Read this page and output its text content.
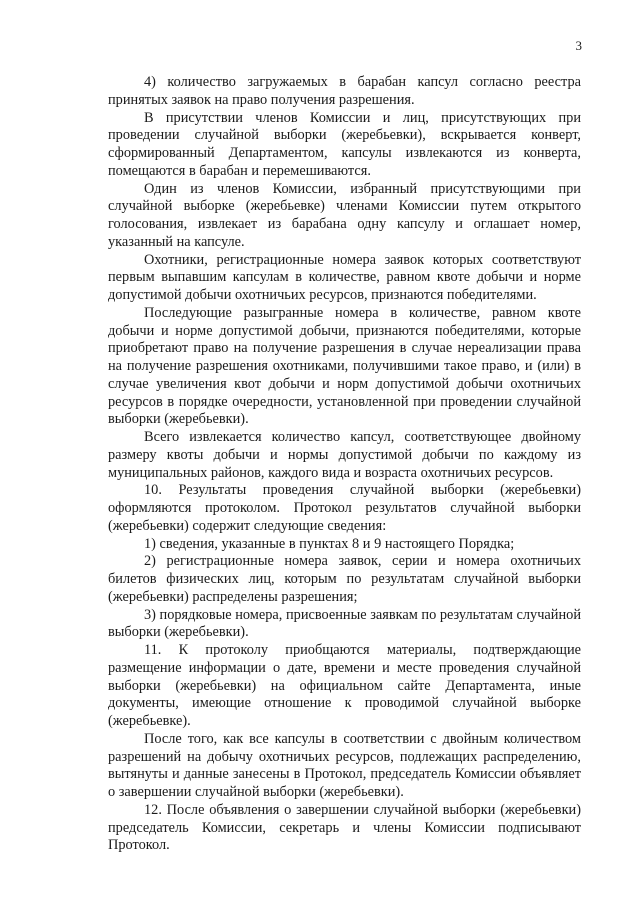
3

4) количество загружаемых в барабан капсул согласно реестра принятых заявок на право получения разрешения.

В присутствии членов Комиссии и лиц, присутствующих при проведении случайной выборки (жеребьевки), вскрывается конверт, сформированный Департаментом, капсулы извлекаются из конверта, помещаются в барабан и перемешиваются.

Один из членов Комиссии, избранный присутствующими при случайной выборке (жеребьевке) членами Комиссии путем открытого голосования, извлекает из барабана одну капсулу и оглашает номер, указанный на капсуле.

Охотники, регистрационные номера заявок которых соответствуют первым выпавшим капсулам в количестве, равном квоте добычи и норме допустимой добычи охотничьих ресурсов, признаются победителями.

Последующие разыгранные номера в количестве, равном квоте добычи и норме допустимой добычи, признаются победителями, которые приобретают право на получение разрешения в случае нереализации права на получение разрешения охотниками, получившими такое право, и (или) в случае увеличения квот добычи и норм допустимой добычи охотничьих ресурсов в порядке очередности, установленной при проведении случайной выборки (жеребьевки).

Всего извлекается количество капсул, соответствующее двойному размеру квоты добычи и нормы допустимой добычи по каждому из муниципальных районов, каждого вида и возраста охотничьих ресурсов.

10. Результаты проведения случайной выборки (жеребьевки) оформляются протоколом. Протокол результатов случайной выборки (жеребьевки) содержит следующие сведения:

1) сведения, указанные в пунктах 8 и 9 настоящего Порядка;

2) регистрационные номера заявок, серии и номера охотничьих билетов физических лиц, которым по результатам случайной выборки (жеребьевки) распределены разрешения;

3) порядковые номера, присвоенные заявкам по результатам случайной выборки (жеребьевки).

11. К протоколу приобщаются материалы, подтверждающие размещение информации о дате, времени и месте проведения случайной выборки (жеребьевки) на официальном сайте Департамента, иные документы, имеющие отношение к проводимой случайной выборке (жеребьевке).

После того, как все капсулы в соответствии с двойным количеством разрешений на добычу охотничьих ресурсов, подлежащих распределению, вытянуты и данные занесены в Протокол, председатель Комиссии объявляет о завершении случайной выборки (жеребьевки).

12. После объявления о завершении случайной выборки (жеребьевки) председатель Комиссии, секретарь и члены Комиссии подписывают Протокол.
